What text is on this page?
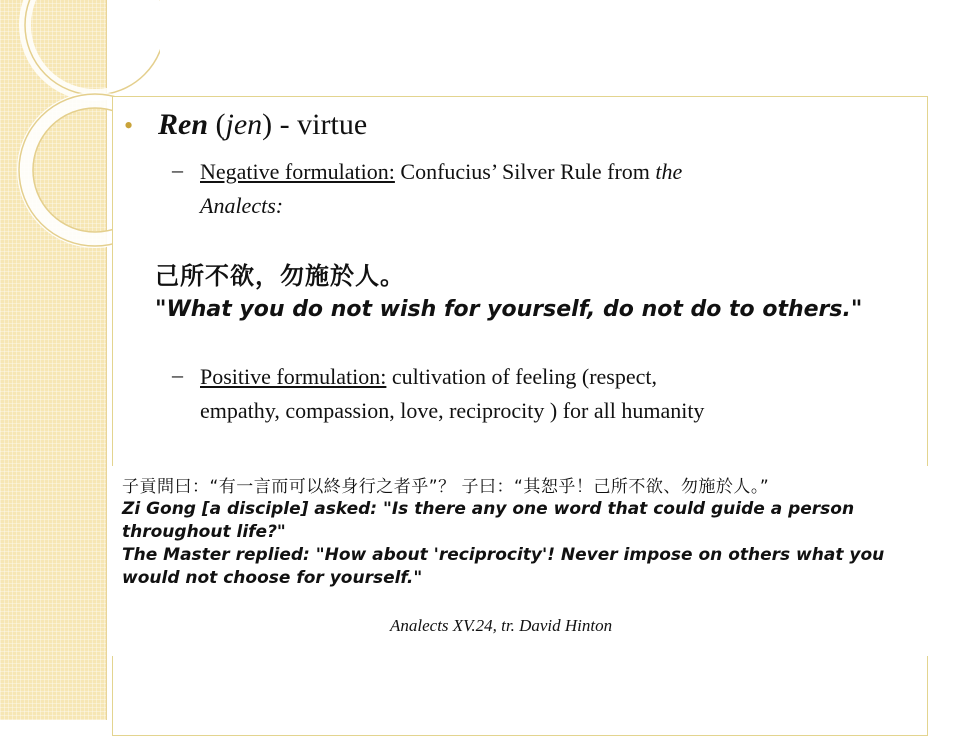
• Ren (jen) - virtue
– Negative formulation: Confucius’ Silver Rule from the
Analects:
己所不欲，勿施於人。
"What you do not wish for yourself, do not do to others."
– Positive formulation: cultivation of feeling (respect,
empathy, compassion, love, reciprocity ) for all humanity
子貢問曰：“有一言而可以終身行之者乎”？ 子曰：“其恕乎！己所不欲、勿施於人。”
Zi Gong [a disciple] asked: "Is there any one word that could guide a person throughout life?"
The Master replied: "How about 'reciprocity'! Never impose on others what you would not choose for yourself."
Analects XV.24, tr. David Hinton
